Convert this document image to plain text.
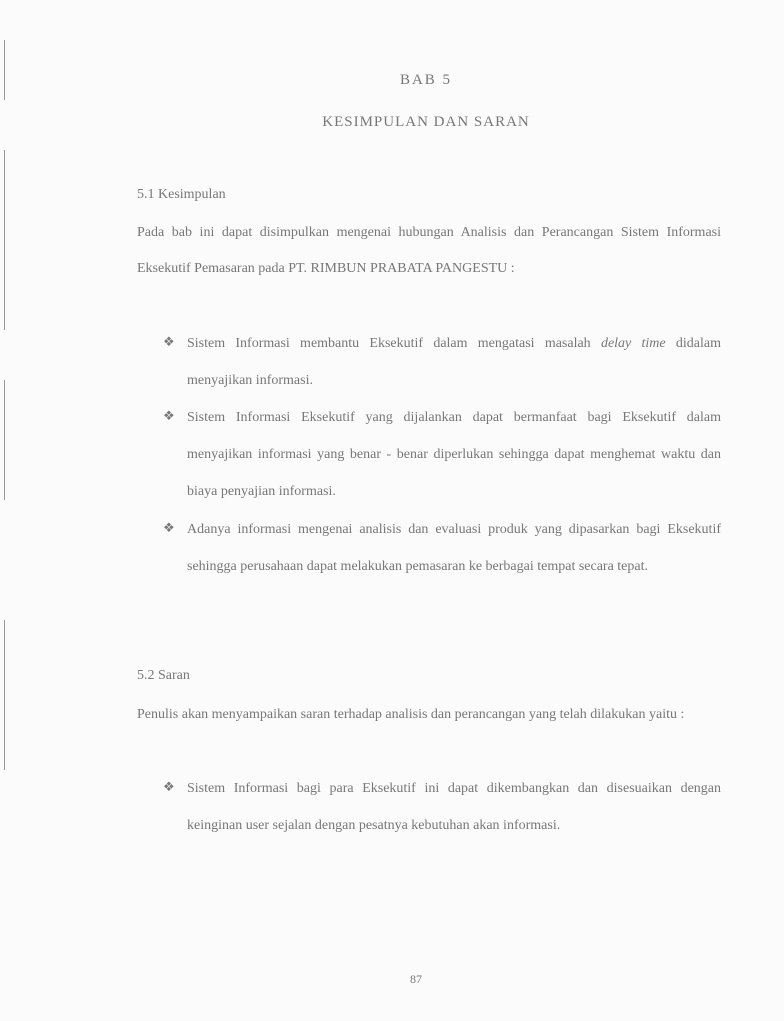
BAB 5
KESIMPULAN DAN SARAN
5.1 Kesimpulan
Pada bab ini dapat disimpulkan mengenai hubungan Analisis dan Perancangan Sistem Informasi Eksekutif Pemasaran pada PT. RIMBUN PRABATA PANGESTU :
❖ Sistem Informasi membantu Eksekutif dalam mengatasi masalah delay time didalam menyajikan informasi.
❖ Sistem Informasi Eksekutif yang dijalankan dapat bermanfaat bagi Eksekutif dalam menyajikan informasi yang benar - benar diperlukan sehingga dapat menghemat waktu dan biaya penyajian informasi.
❖ Adanya informasi mengenai analisis dan evaluasi produk yang dipasarkan bagi Eksekutif sehingga perusahaan dapat melakukan pemasaran ke berbagai tempat secara tepat.
5.2 Saran
Penulis akan menyampaikan saran terhadap analisis dan perancangan yang telah dilakukan yaitu :
❖ Sistem Informasi bagi para Eksekutif ini dapat dikembangkan dan disesuaikan dengan keinginan user sejalan dengan pesatnya kebutuhan akan informasi.
87
